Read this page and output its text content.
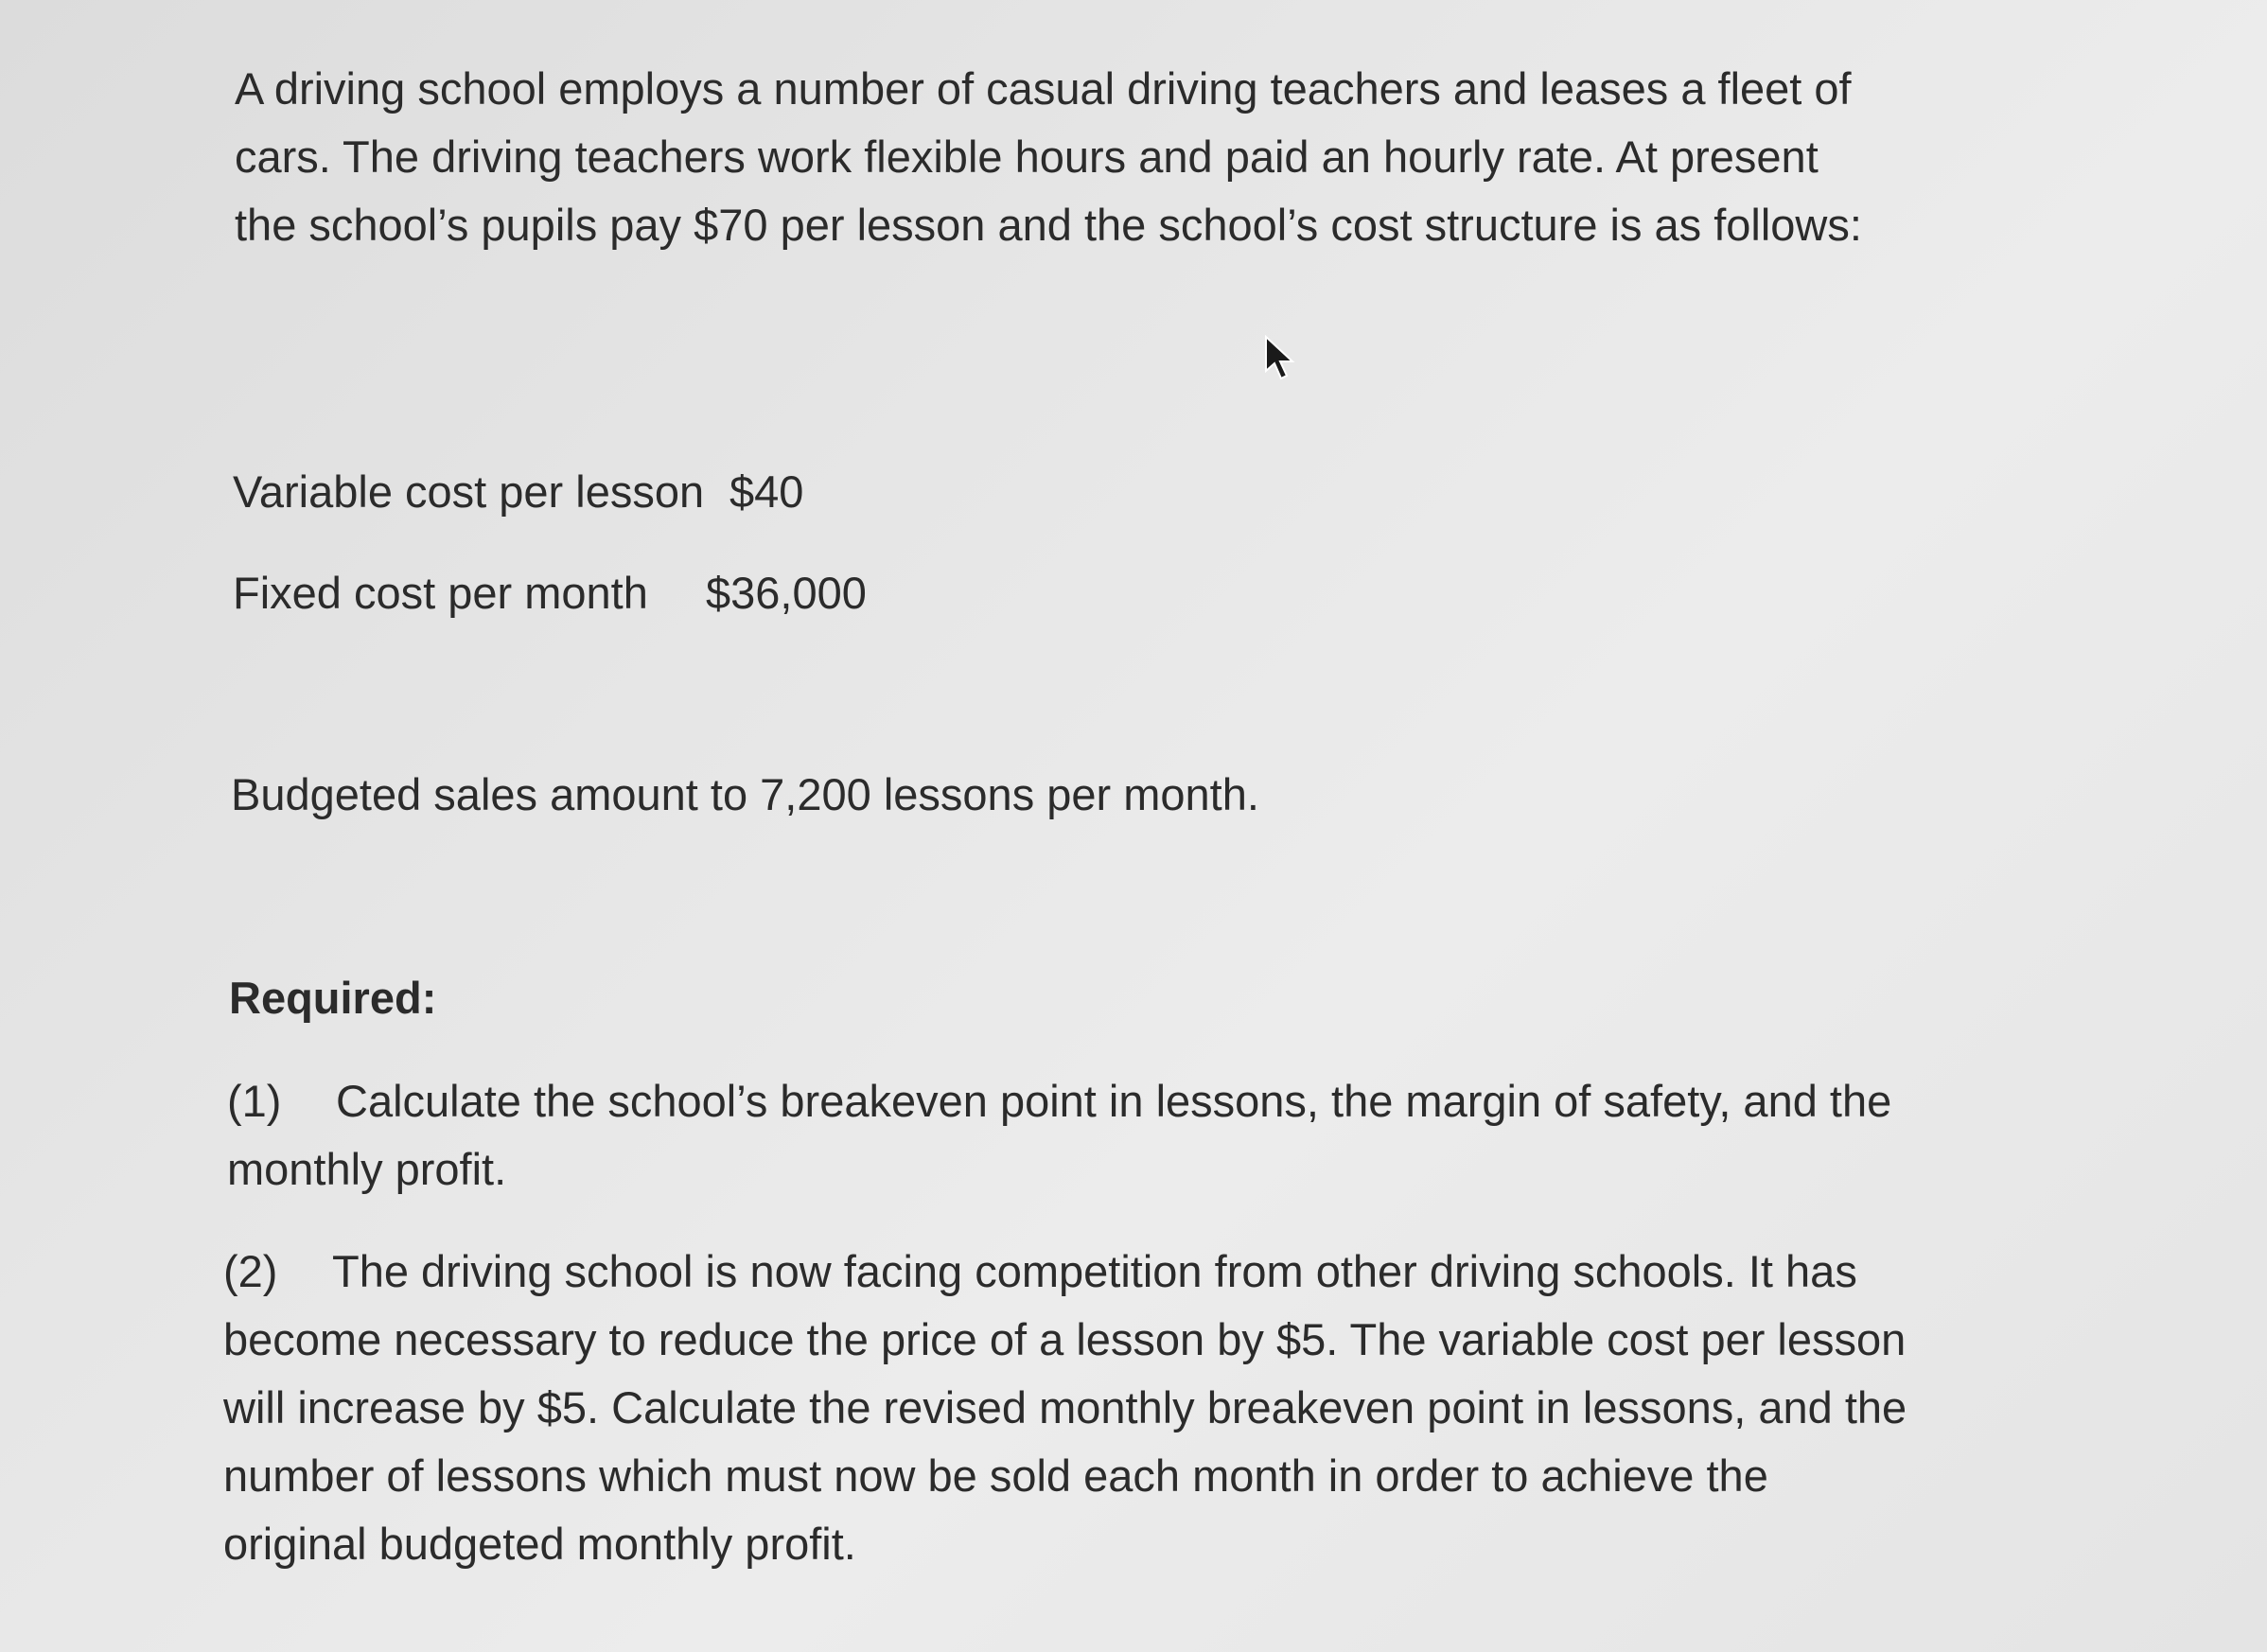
A driving school employs a number of casual driving teachers and leases a fleet of cars. The driving teachers work flexible hours and paid an hourly rate. At present the school’s pupils pay $70 per lesson and the school’s cost structure is as follows:

Variable cost per lesson $40

Fixed cost per month $36,000

Budgeted sales amount to 7,200 lessons per month.

Required:

(1) Calculate the school’s breakeven point in lessons, the margin of safety, and the monthly profit.

(2) The driving school is now facing competition from other driving schools. It has become necessary to reduce the price of a lesson by $5. The variable cost per lesson will increase by $5. Calculate the revised monthly breakeven point in lessons, and the number of lessons which must now be sold each month in order to achieve the original budgeted monthly profit.
